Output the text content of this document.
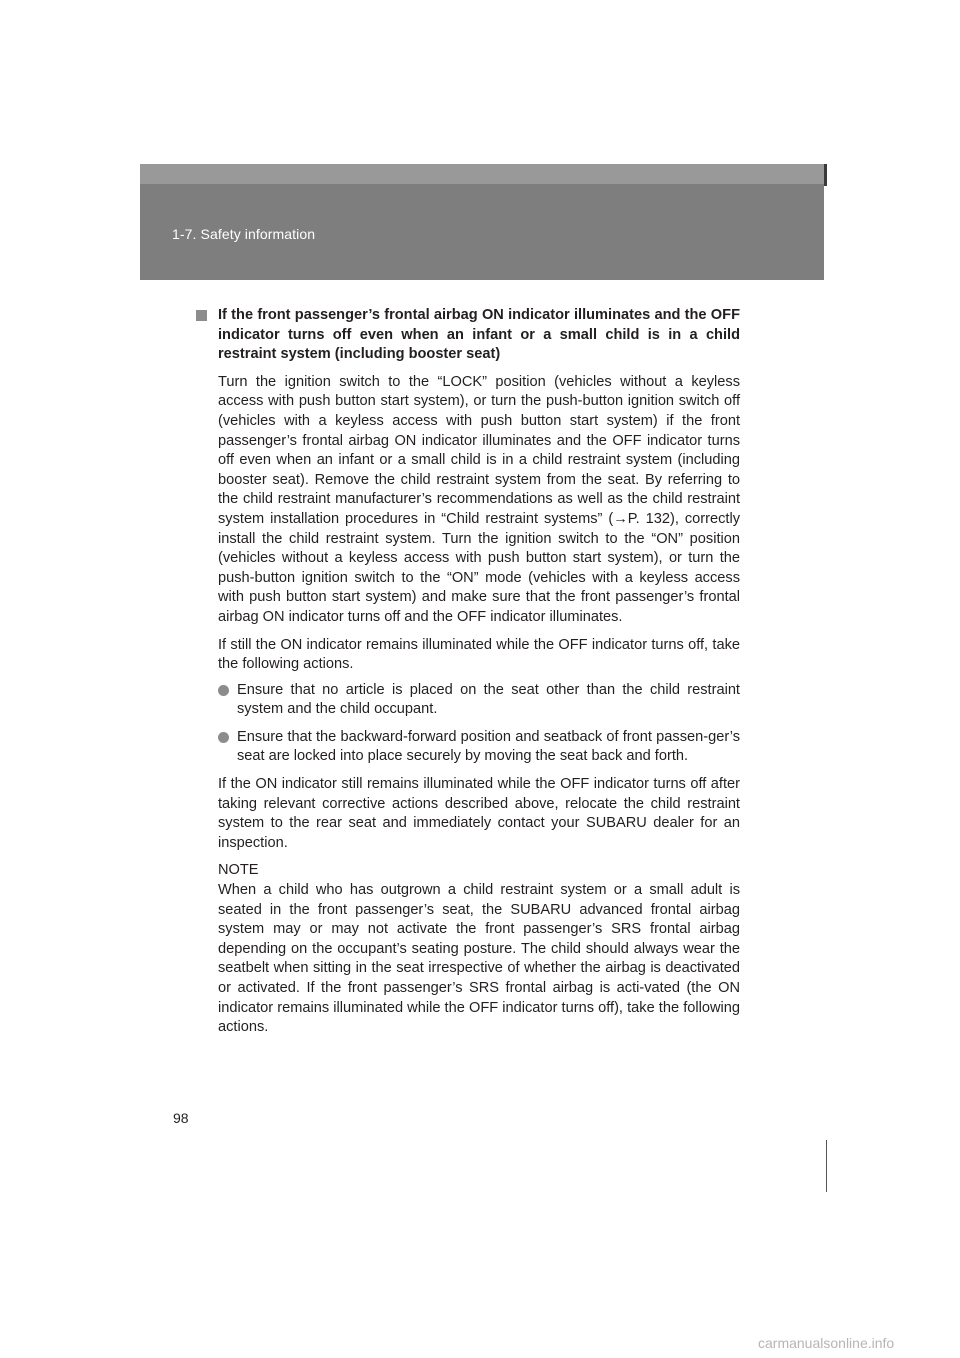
1-7. Safety information
If the front passenger’s frontal airbag ON indicator illuminates and the OFF indicator turns off even when an infant or a small child is in a child restraint system (including booster seat)

Turn the ignition switch to the “LOCK” position (vehicles without a keyless access with push button start system), or turn the push-button ignition switch off (vehicles with a keyless access with push button start system) if the front passenger’s frontal airbag ON indicator illuminates and the OFF indicator turns off even when an infant or a small child is in a child restraint system (including booster seat). Remove the child restraint system from the seat. By referring to the child restraint manufacturer’s recommendations as well as the child restraint system installation procedures in “Child restraint systems” (→P. 132), correctly install the child restraint system. Turn the ignition switch to the “ON” position (vehicles without a keyless access with push button start system), or turn the push-button ignition switch to the “ON” mode (vehicles with a keyless access with push button start system) and make sure that the front passenger’s frontal airbag ON indicator turns off and the OFF indicator illuminates.

If still the ON indicator remains illuminated while the OFF indicator turns off, take the following actions.

Ensure that no article is placed on the seat other than the child restraint system and the child occupant.
Ensure that the backward-forward position and seatback of front passen-ger’s seat are locked into place securely by moving the seat back and forth.

If the ON indicator still remains illuminated while the OFF indicator turns off after taking relevant corrective actions described above, relocate the child restraint system to the rear seat and immediately contact your SUBARU dealer for an inspection.

NOTE

When a child who has outgrown a child restraint system or a small adult is seated in the front passenger’s seat, the SUBARU advanced frontal airbag system may or may not activate the front passenger’s SRS frontal airbag depending on the occupant’s seating posture. The child should always wear the seatbelt when sitting in the seat irrespective of whether the airbag is deactivated or activated. If the front passenger’s SRS frontal airbag is acti-vated (the ON indicator remains illuminated while the OFF indicator turns off), take the following actions.

98
carmanualsonline.info
